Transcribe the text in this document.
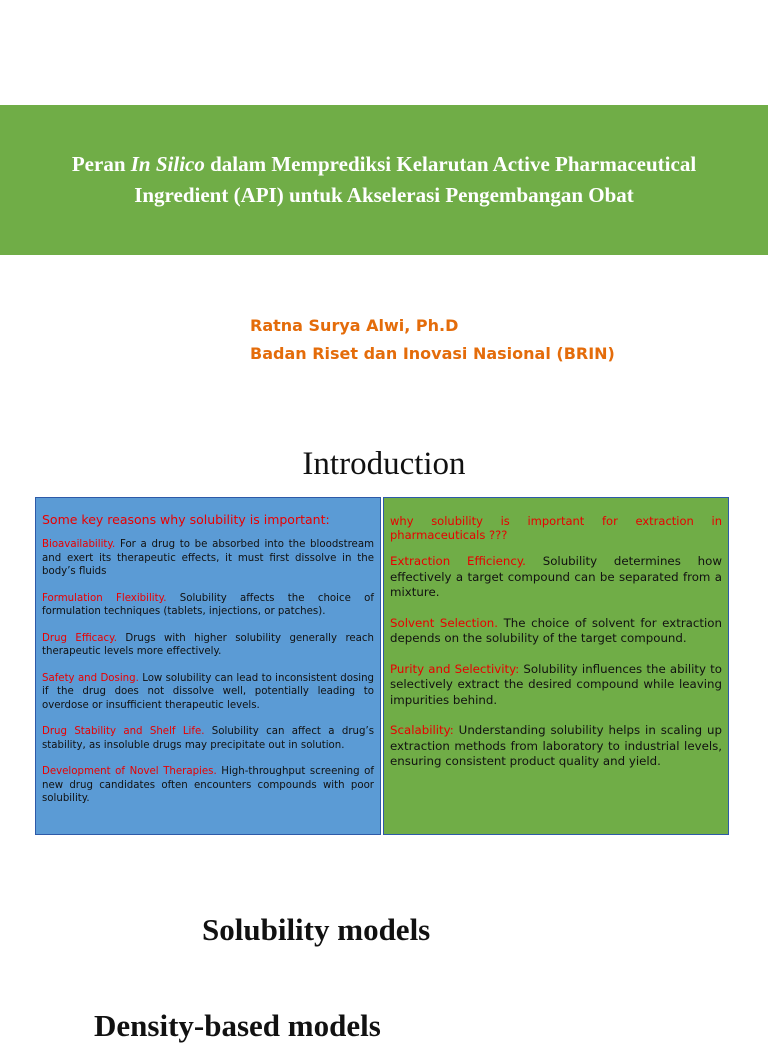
Peran In Silico dalam Memprediksi Kelarutan Active Pharmaceutical
Ingredient (API) untuk Akselerasi Pengembangan Obat
Ratna Surya Alwi, Ph.D
Badan Riset dan Inovasi Nasional (BRIN)
Introduction

Some key reasons why solubility is important:

Bioavailability. For a drug to be absorbed into the bloodstream and exert its therapeutic effects, it must first dissolve in the body’s fluids

Formulation Flexibility. Solubility affects the choice of formulation techniques (tablets, injections, or patches).

Drug Efficacy. Drugs with higher solubility generally reach therapeutic levels more effectively.

Safety and Dosing. Low solubility can lead to inconsistent dosing if the drug does not dissolve well, potentially leading to overdose or insufficient therapeutic levels.

Drug Stability and Shelf Life. Solubility can affect a drug’s stability, as insoluble drugs may precipitate out in solution.

Development of Novel Therapies. High-throughput screening of new drug candidates often encounters compounds with poor solubility.

why solubility is important for extraction in pharmaceuticals ???

Extraction Efficiency. Solubility determines how effectively a target compound can be separated from a mixture.

Solvent Selection. The choice of solvent for extraction depends on the solubility of the target compound.

Purity and Selectivity: Solubility influences the ability to selectively extract the desired compound while leaving impurities behind.

Scalability: Understanding solubility helps in scaling up extraction methods from laboratory to industrial levels, ensuring consistent product quality and yield.

Solubility models
Density-based models
